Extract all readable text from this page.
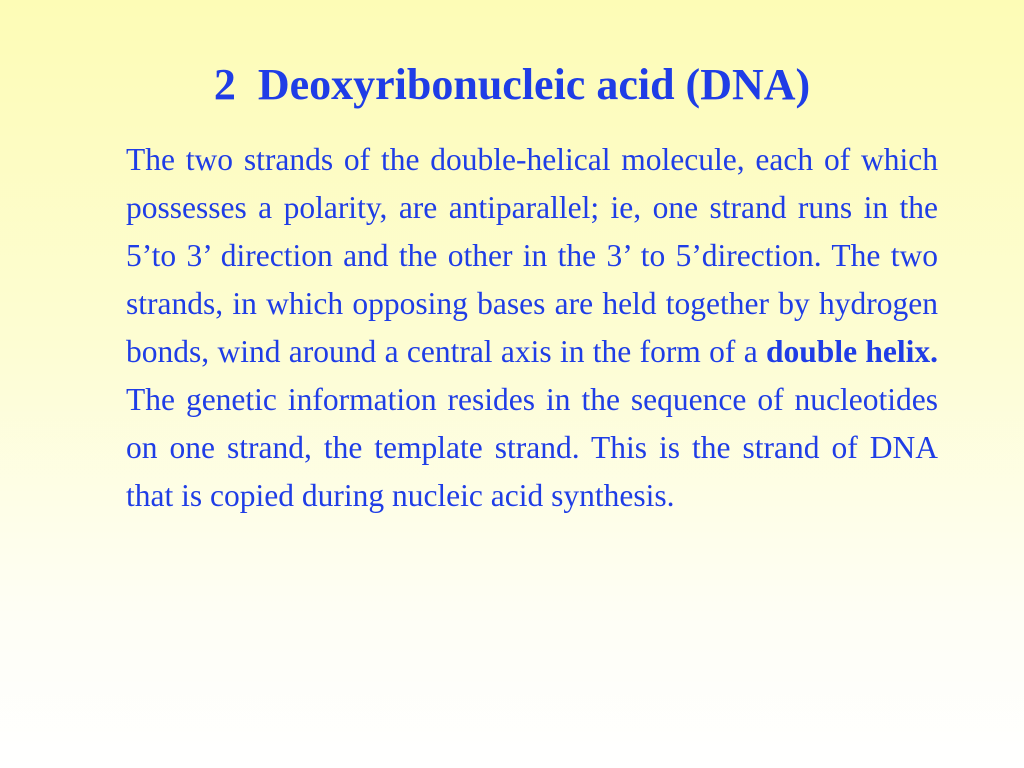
2  Deoxyribonucleic acid (DNA)

The two strands of the double-helical molecule, each of which possesses a polarity, are antiparallel; ie, one strand runs in the 5’to 3’ direction and the other in the 3’ to 5’direction. The two strands, in which opposing bases are held together by hydrogen bonds, wind around a central axis in the form of a double helix. The genetic information resides in the sequence of nucleotides on one strand, the template strand. This is the strand of DNA that is copied during nucleic acid synthesis.
